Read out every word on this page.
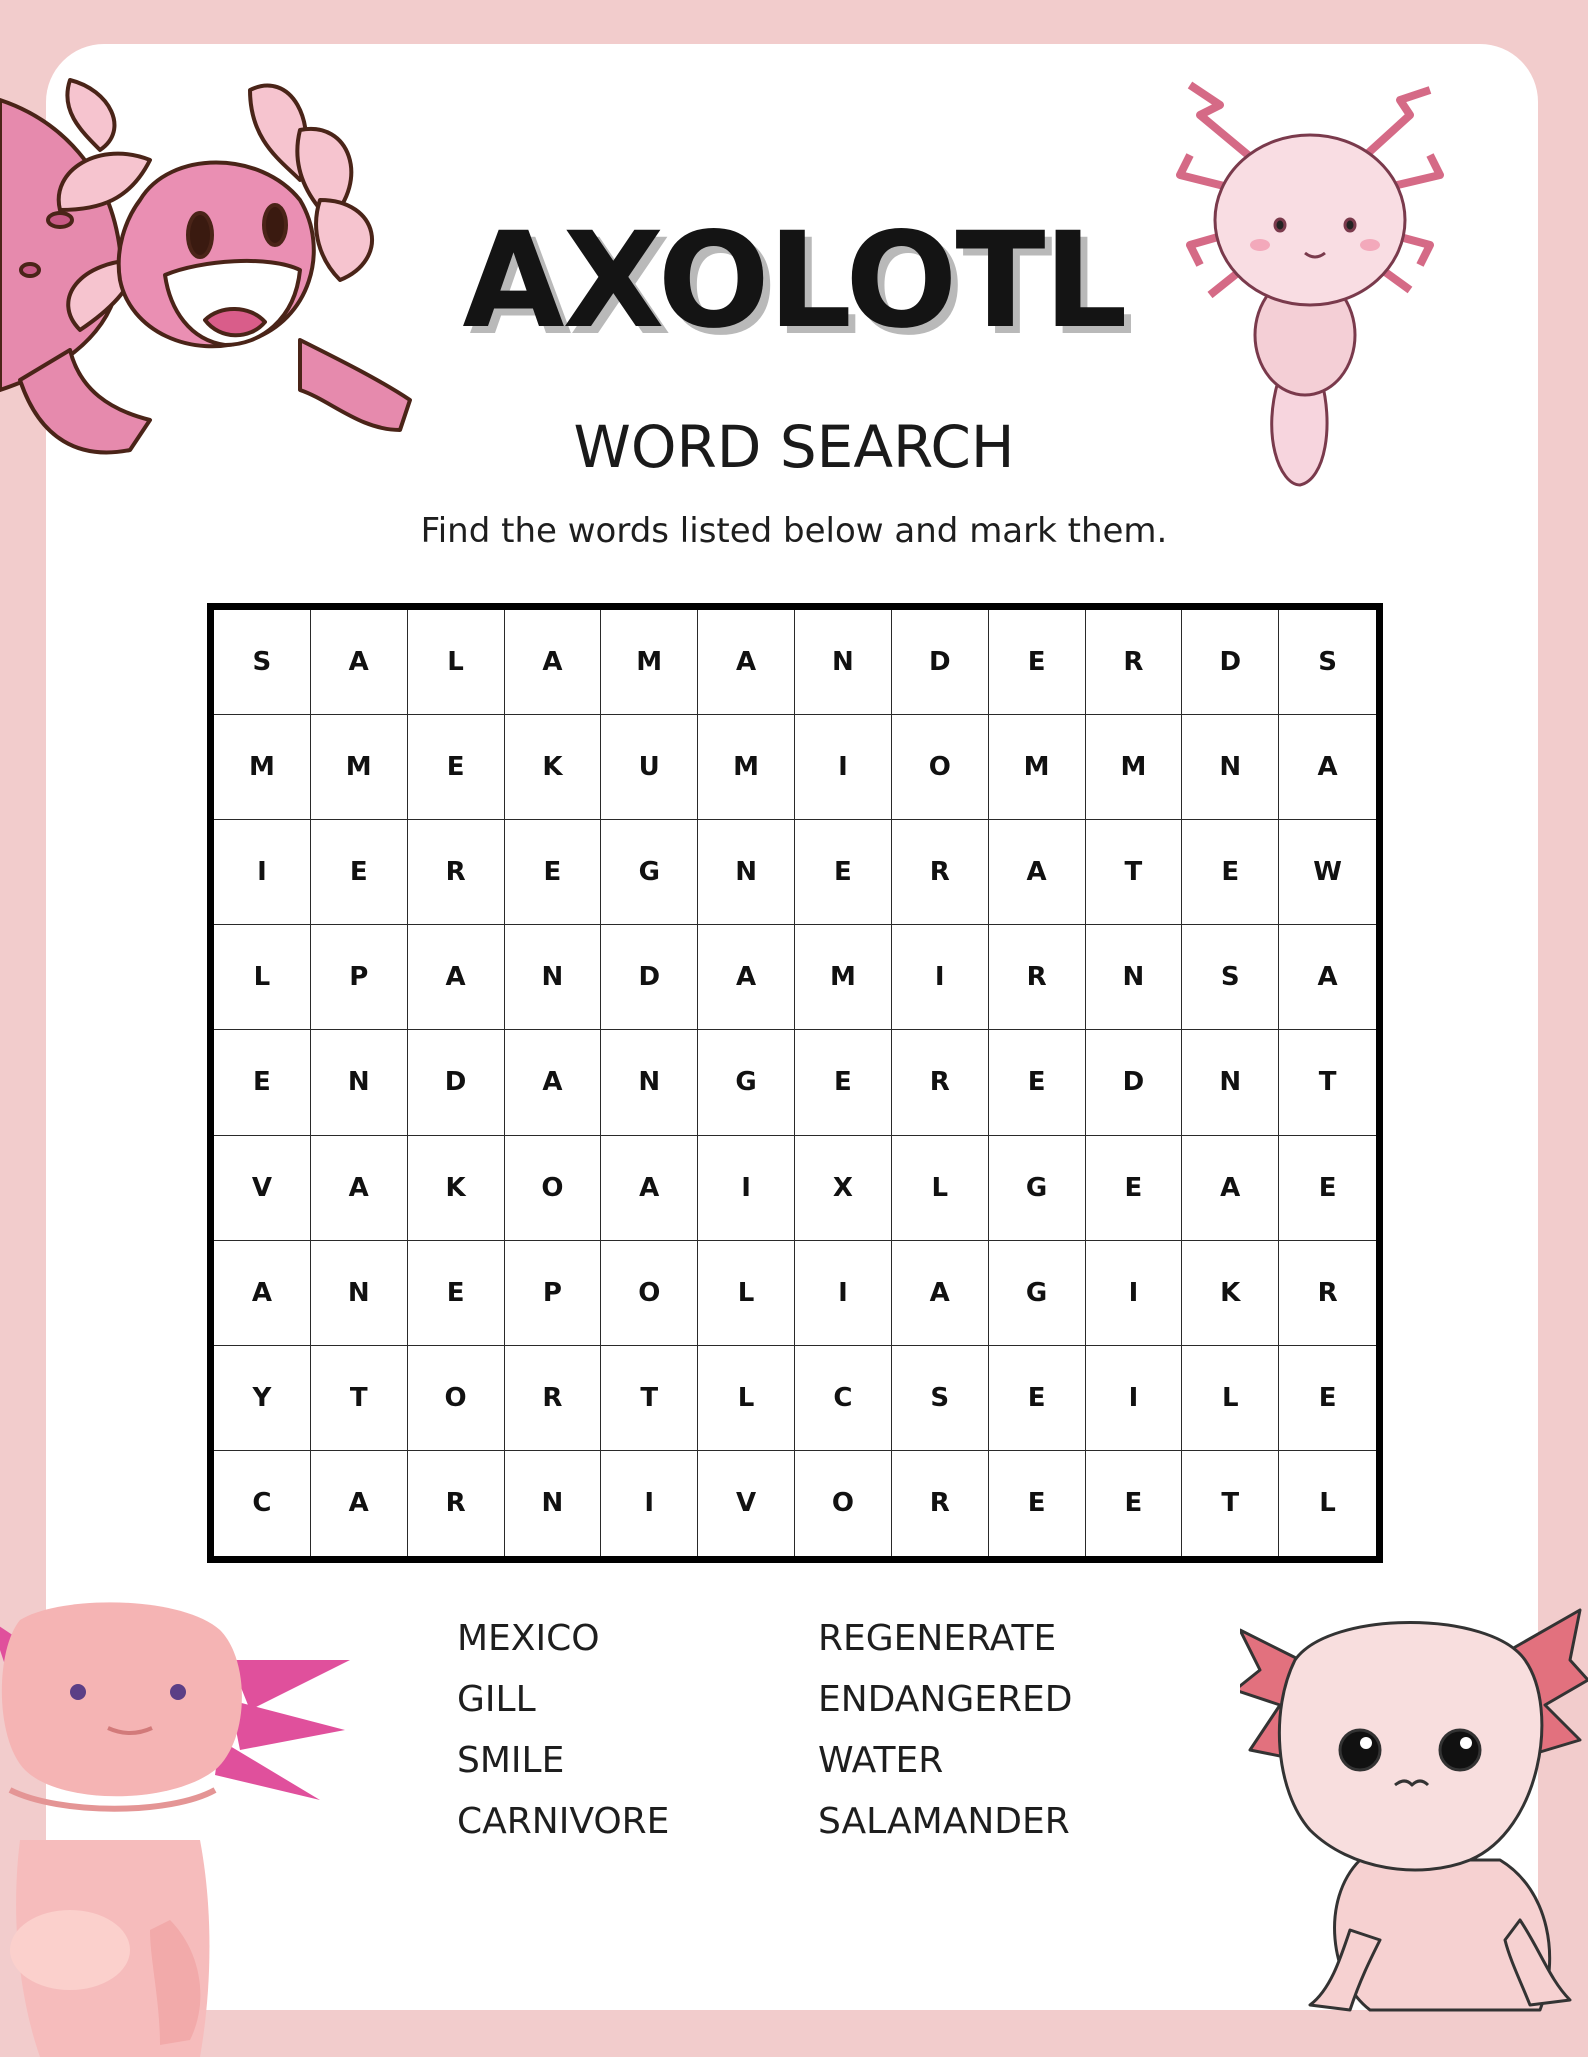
AXOLOTL
WORD SEARCH
Find the words listed below and mark them.
S	A	L	A	M	A	N	D	E	R	D	S
M	M	E	K	U	M	I	O	M	M	N	A
I	E	R	E	G	N	E	R	A	T	E	W
L	P	A	N	D	A	M	I	R	N	S	A
E	N	D	A	N	G	E	R	E	D	N	T
V	A	K	O	A	I	X	L	G	E	A	E
A	N	E	P	O	L	I	A	G	I	K	R
Y	T	O	R	T	L	C	S	E	I	L	E
C	A	R	N	I	V	O	R	E	E	T	L
MEXICO
GILL
SMILE
CARNIVORE
REGENERATE
ENDANGERED
WATER
SALAMANDER
